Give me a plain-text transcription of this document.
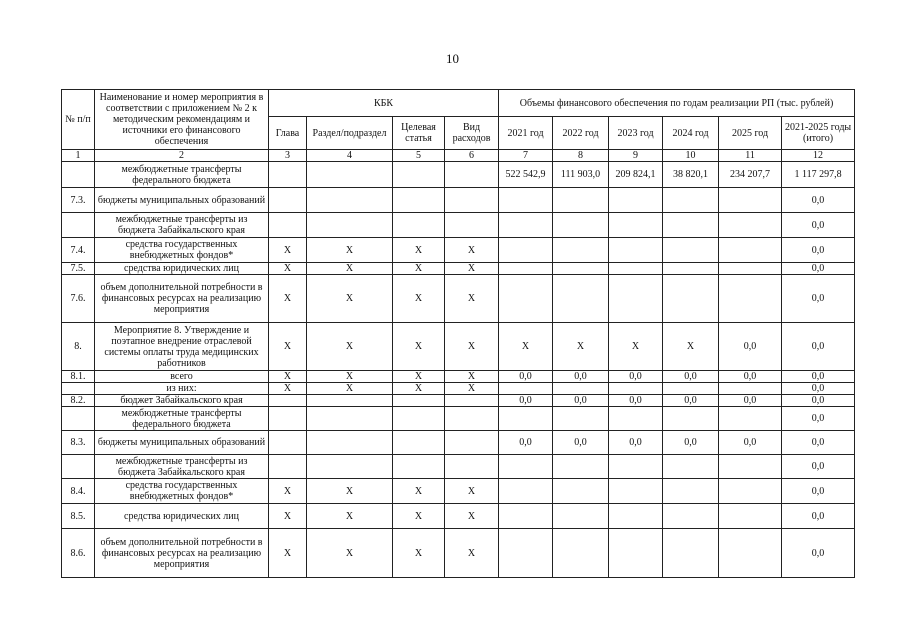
10
№ п/п	Наименование и номер мероприятия в соответствии с приложением № 2 к методическим рекомендациям и источники его финансового обеспечения	КБК				Объемы финансового обеспечения по годам реализации РП (тыс. рублей)					
		Глава	Раздел/подраздел	Целевая статья	Вид расходов	2021 год	2022 год	2023 год	2024 год	2025 год	2021-2025 годы (итого)
1	2	3	4	5	6	7	8	9	10	11	12
	межбюджетные трансферты федерального бюджета					522 542,9	111 903,0	209 824,1	38 820,1	234 207,7	1 117 297,8
7.3.	бюджеты муниципальных образований										0,0
	межбюджетные трансферты из бюджета Забайкальского края										0,0
7.4.	средства государственных внебюджетных фондов*	X	X	X	X						0,0
7.5.	средства юридических лиц	X	X	X	X						0,0
7.6.	объем дополнительной потребности в финансовых ресурсах на реализацию мероприятия	X	X	X	X						0,0
8.	Мероприятие 8. Утверждение и поэтапное внедрение отраслевой системы оплаты труда медицинских работников	X	X	X	X	X	X	X	X	0,0	0,0
8.1.	всего	X	X	X	X	0,0	0,0	0,0	0,0	0,0	0,0
	из них:	X	X	X	X						0,0
8.2.	бюджет Забайкальского края					0,0	0,0	0,0	0,0	0,0	0,0
	межбюджетные трансферты федерального бюджета										0,0
8.3.	бюджеты муниципальных образований					0,0	0,0	0,0	0,0	0,0	0,0
	межбюджетные трансферты из бюджета Забайкальского края										0,0
8.4.	средства государственных внебюджетных фондов*	X	X	X	X						0,0
8.5.	средства юридических лиц	X	X	X	X						0,0
8.6.	объем дополнительной потребности в финансовых ресурсах на реализацию мероприятия	X	X	X	X						0,0
